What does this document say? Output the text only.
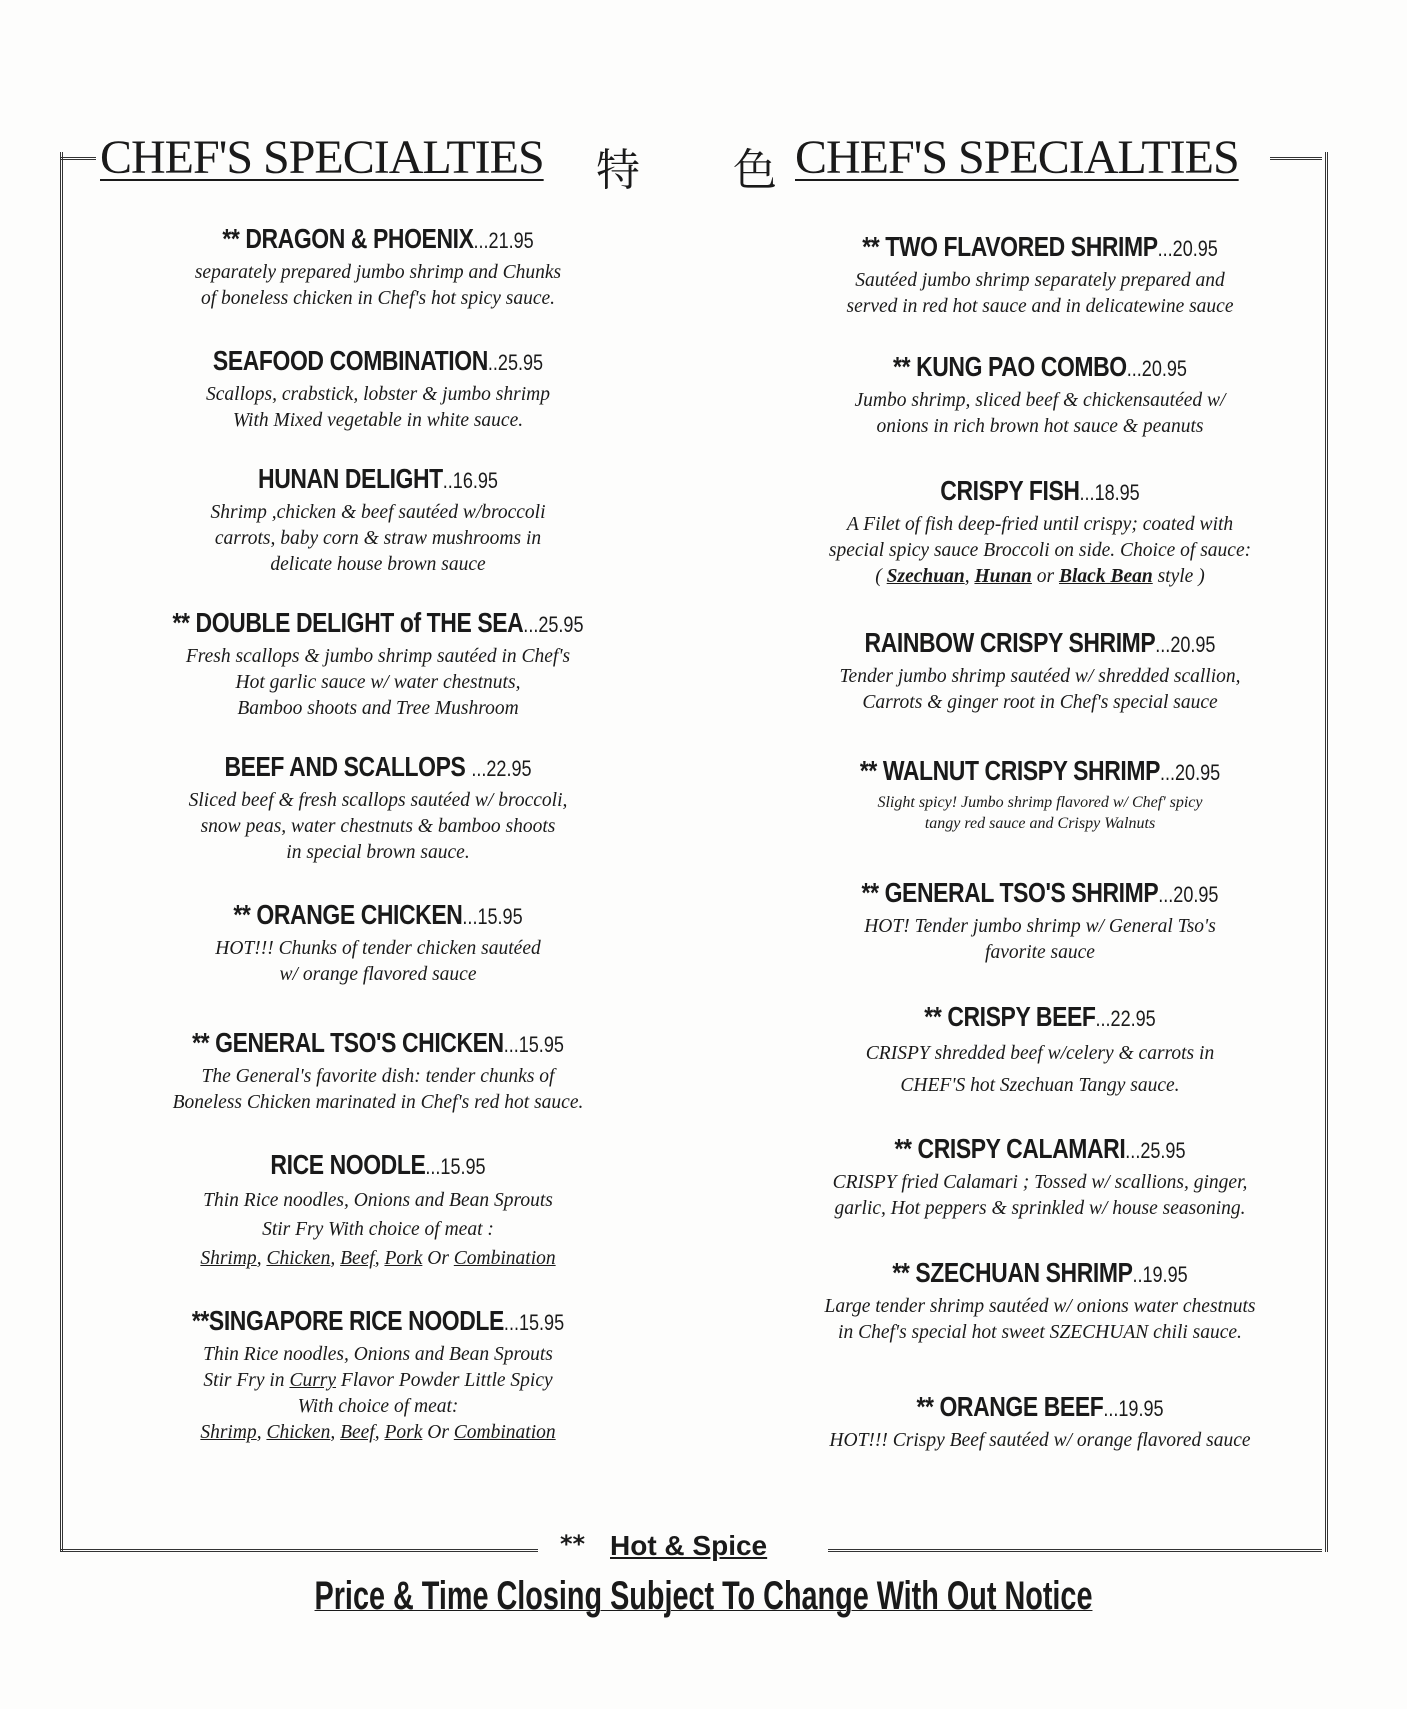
CHEF'S SPECIALTIES 特 色 CHEF'S SPECIALTIES
** DRAGON & PHOENIX...21.95
separately prepared jumbo shrimp and Chunks
of boneless chicken in Chef's hot spicy sauce.
SEAFOOD COMBINATION..25.95
Scallops, crabstick, lobster & jumbo shrimp
With Mixed vegetable in white sauce.
HUNAN DELIGHT..16.95
Shrimp ,chicken & beef sautéed w/broccoli
carrots, baby corn & straw mushrooms in
delicate house brown sauce
** DOUBLE DELIGHT of THE SEA...25.95
Fresh scallops & jumbo shrimp sautéed in Chef's
Hot garlic sauce w/ water chestnuts,
Bamboo shoots and Tree Mushroom
BEEF AND SCALLOPS ...22.95
Sliced beef & fresh scallops sautéed w/ broccoli,
snow peas, water chestnuts & bamboo shoots
in special brown sauce.
** ORANGE CHICKEN...15.95
HOT!!! Chunks of tender chicken sautéed
w/ orange flavored sauce
** GENERAL TSO'S CHICKEN...15.95
The General's favorite dish: tender chunks of
Boneless Chicken marinated in Chef's red hot sauce.
RICE NOODLE...15.95
Thin Rice noodles, Onions and Bean Sprouts
Stir Fry With choice of meat :
Shrimp, Chicken, Beef, Pork Or Combination
**SINGAPORE RICE NOODLE...15.95
Thin Rice noodles, Onions and Bean Sprouts
Stir Fry in Curry Flavor Powder Little Spicy
With choice of meat:
Shrimp, Chicken, Beef, Pork Or Combination
** TWO FLAVORED SHRIMP...20.95
Sautéed jumbo shrimp separately prepared and
served in red hot sauce and in delicatewine sauce
** KUNG PAO COMBO...20.95
Jumbo shrimp, sliced beef & chickensautéed w/
onions in rich brown hot sauce & peanuts
CRISPY FISH...18.95
A Filet of fish deep-fried until crispy; coated with
special spicy sauce Broccoli on side. Choice of sauce:
( Szechuan, Hunan or Black Bean style )
RAINBOW CRISPY SHRIMP...20.95
Tender jumbo shrimp sautéed w/ shredded scallion,
Carrots & ginger root in Chef's special sauce
** WALNUT CRISPY SHRIMP...20.95
Slight spicy! Jumbo shrimp flavored w/ Chef' spicy
tangy red sauce and Crispy Walnuts
** GENERAL TSO'S SHRIMP...20.95
HOT! Tender jumbo shrimp w/ General Tso's
favorite sauce
** CRISPY BEEF...22.95
CRISPY shredded beef w/celery & carrots in
CHEF'S hot Szechuan Tangy sauce.
** CRISPY CALAMARI...25.95
CRISPY fried Calamari ; Tossed w/ scallions, ginger,
garlic, Hot peppers & sprinkled w/ house seasoning.
** SZECHUAN SHRIMP..19.95
Large tender shrimp sautéed w/ onions water chestnuts
in Chef's special hot sweet SZECHUAN chili sauce.
** ORANGE BEEF...19.95
HOT!!! Crispy Beef sautéed w/ orange flavored sauce
** Hot & Spice
Price & Time Closing Subject To Change With Out Notice
